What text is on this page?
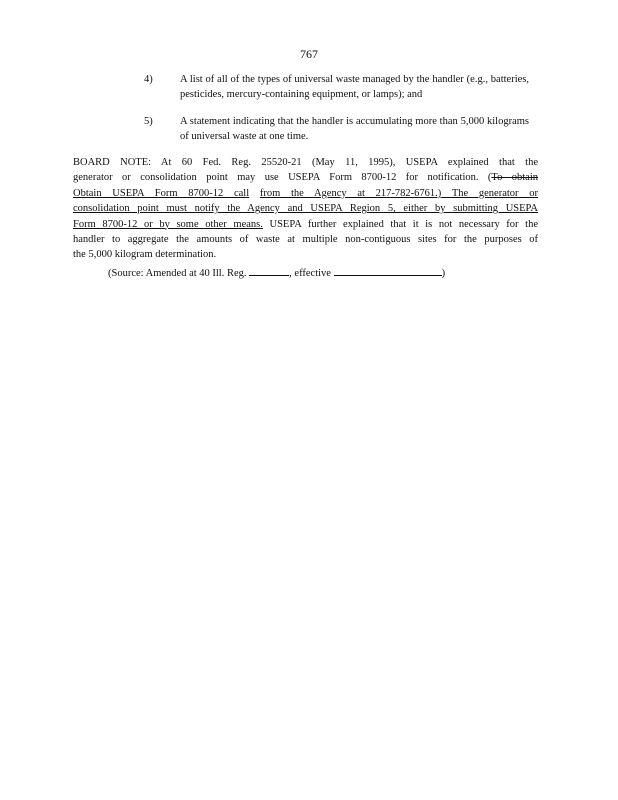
767
4)	A list of all of the types of universal waste managed by the handler (e.g., batteries, pesticides, mercury-containing equipment, or lamps); and
5)	A statement indicating that the handler is accumulating more than 5,000 kilograms of universal waste at one time.
BOARD NOTE: At 60 Fed. Reg. 25520-21 (May 11, 1995), USEPA explained that the
generator or consolidation point may use USEPA Form 8700-12 for notification. (To obtain
Obtain USEPA Form 8700-12 call from the Agency at 217-782-6761.) The generator or
consolidation point must notify the Agency and USEPA Region 5, either by submitting USEPA
Form 8700-12 or by some other means. USEPA further explained that it is not necessary for the
handler to aggregate the amounts of waste at multiple non-contiguous sites for the purposes of
the 5,000 kilogram determination.
(Source: Amended at 40 Ill. Reg.	, effective	)
